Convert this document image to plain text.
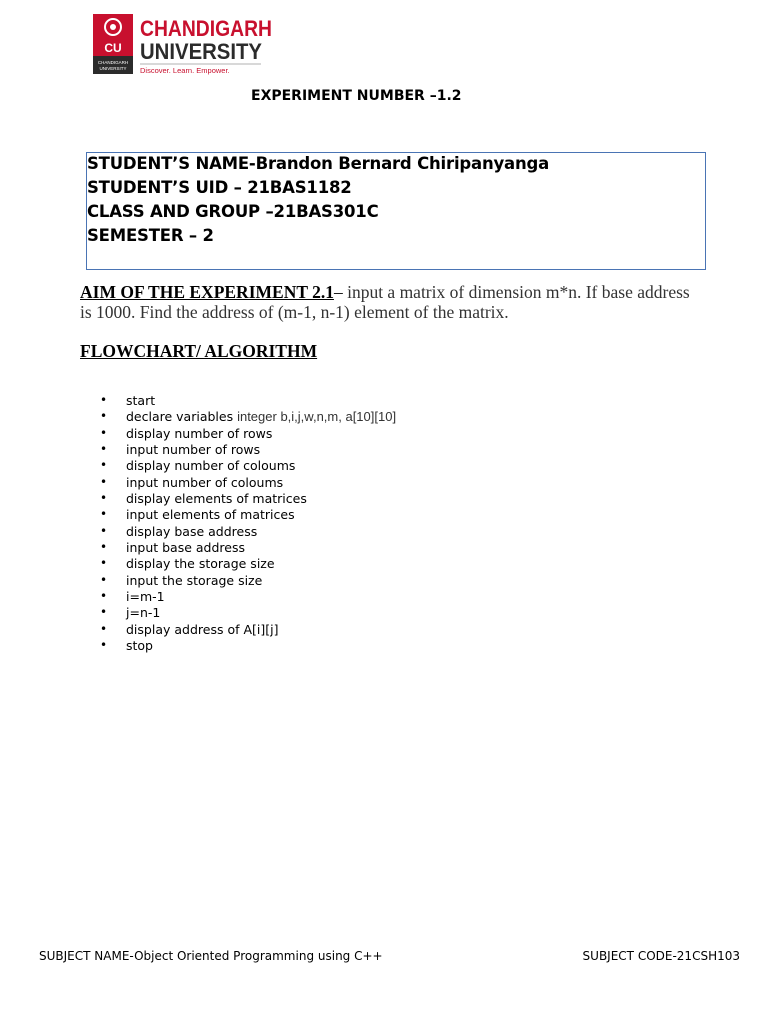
CU
CHANDIGARH
UNIVERSITY
CHANDIGARH
UNIVERSITY
Discover. Learn. Empower.
EXPERIMENT NUMBER –1.2
STUDENT’S NAME-Brandon Bernard Chiripanyanga
STUDENT’S UID – 21BAS1182
CLASS AND GROUP –21BAS301C
SEMESTER – 2
AIM OF THE EXPERIMENT 2.1– input a matrix of dimension m*n. If base address is 1000. Find the address of (m-1, n-1) element of the matrix.
FLOWCHART/ ALGORITHM
• start
• declare variables integer b,i,j,w,n,m, a[10][10]
• display number of rows
• input number of rows
• display number of coloums
• input number of coloums
• display elements of matrices
• input elements of matrices
• display base address
• input base address
• display the storage size
• input the storage size
• i=m-1
• j=n-1
• display address of A[i][j]
• stop
SUBJECT NAME-Object Oriented Programming using C++	SUBJECT CODE-21CSH103
